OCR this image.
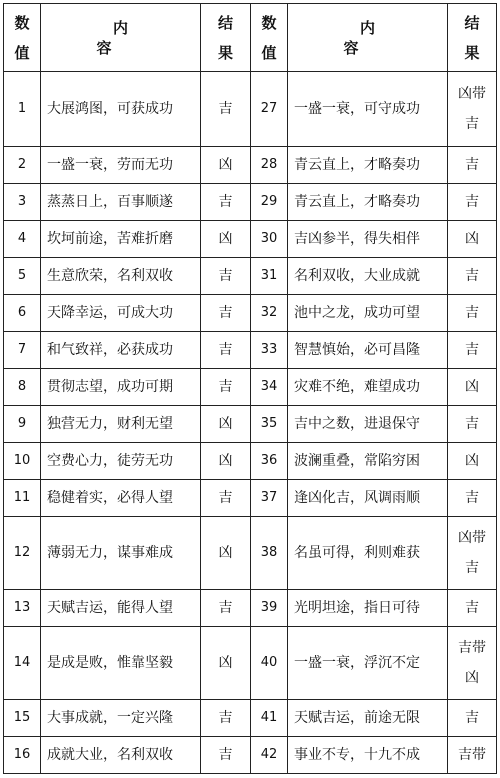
数值	内 容	结果	数值	内 容	结果

1	大展鸿图，可获成功	吉	27	一盛一衰，可守成功	凶带吉

2	一盛一衰，劳而无功	凶	28	青云直上，才略奏功	吉
3	蒸蒸日上，百事顺遂	吉	29	青云直上，才略奏功	吉
4	坎坷前途，苦难折磨	凶	30	吉凶参半，得失相伴	凶
5	生意欣荣，名利双收	吉	31	名利双收，大业成就	吉
6	天降幸运，可成大功	吉	32	池中之龙，成功可望	吉
7	和气致祥，必获成功	吉	33	智慧慎始，必可昌隆	吉
8	贯彻志望，成功可期	吉	34	灾难不绝，难望成功	凶
9	独营无力，财利无望	凶	35	吉中之数，进退保守	吉
10	空费心力，徒劳无功	凶	36	波澜重叠，常陷穷困	凶
11	稳健着实，必得人望	吉	37	逢凶化吉，风调雨顺	吉
12	薄弱无力，谋事难成	凶	38	名虽可得，利则难获	凶带吉

13	天赋吉运，能得人望	吉	39	光明坦途，指日可待	吉
14	是成是败，惟靠坚毅	凶	40	一盛一衰，浮沉不定	吉带凶

15	大事成就，一定兴隆	吉	41	天赋吉运，前途无限	吉
16	成就大业，名利双收	吉	42	事业不专，十九不成	吉带
